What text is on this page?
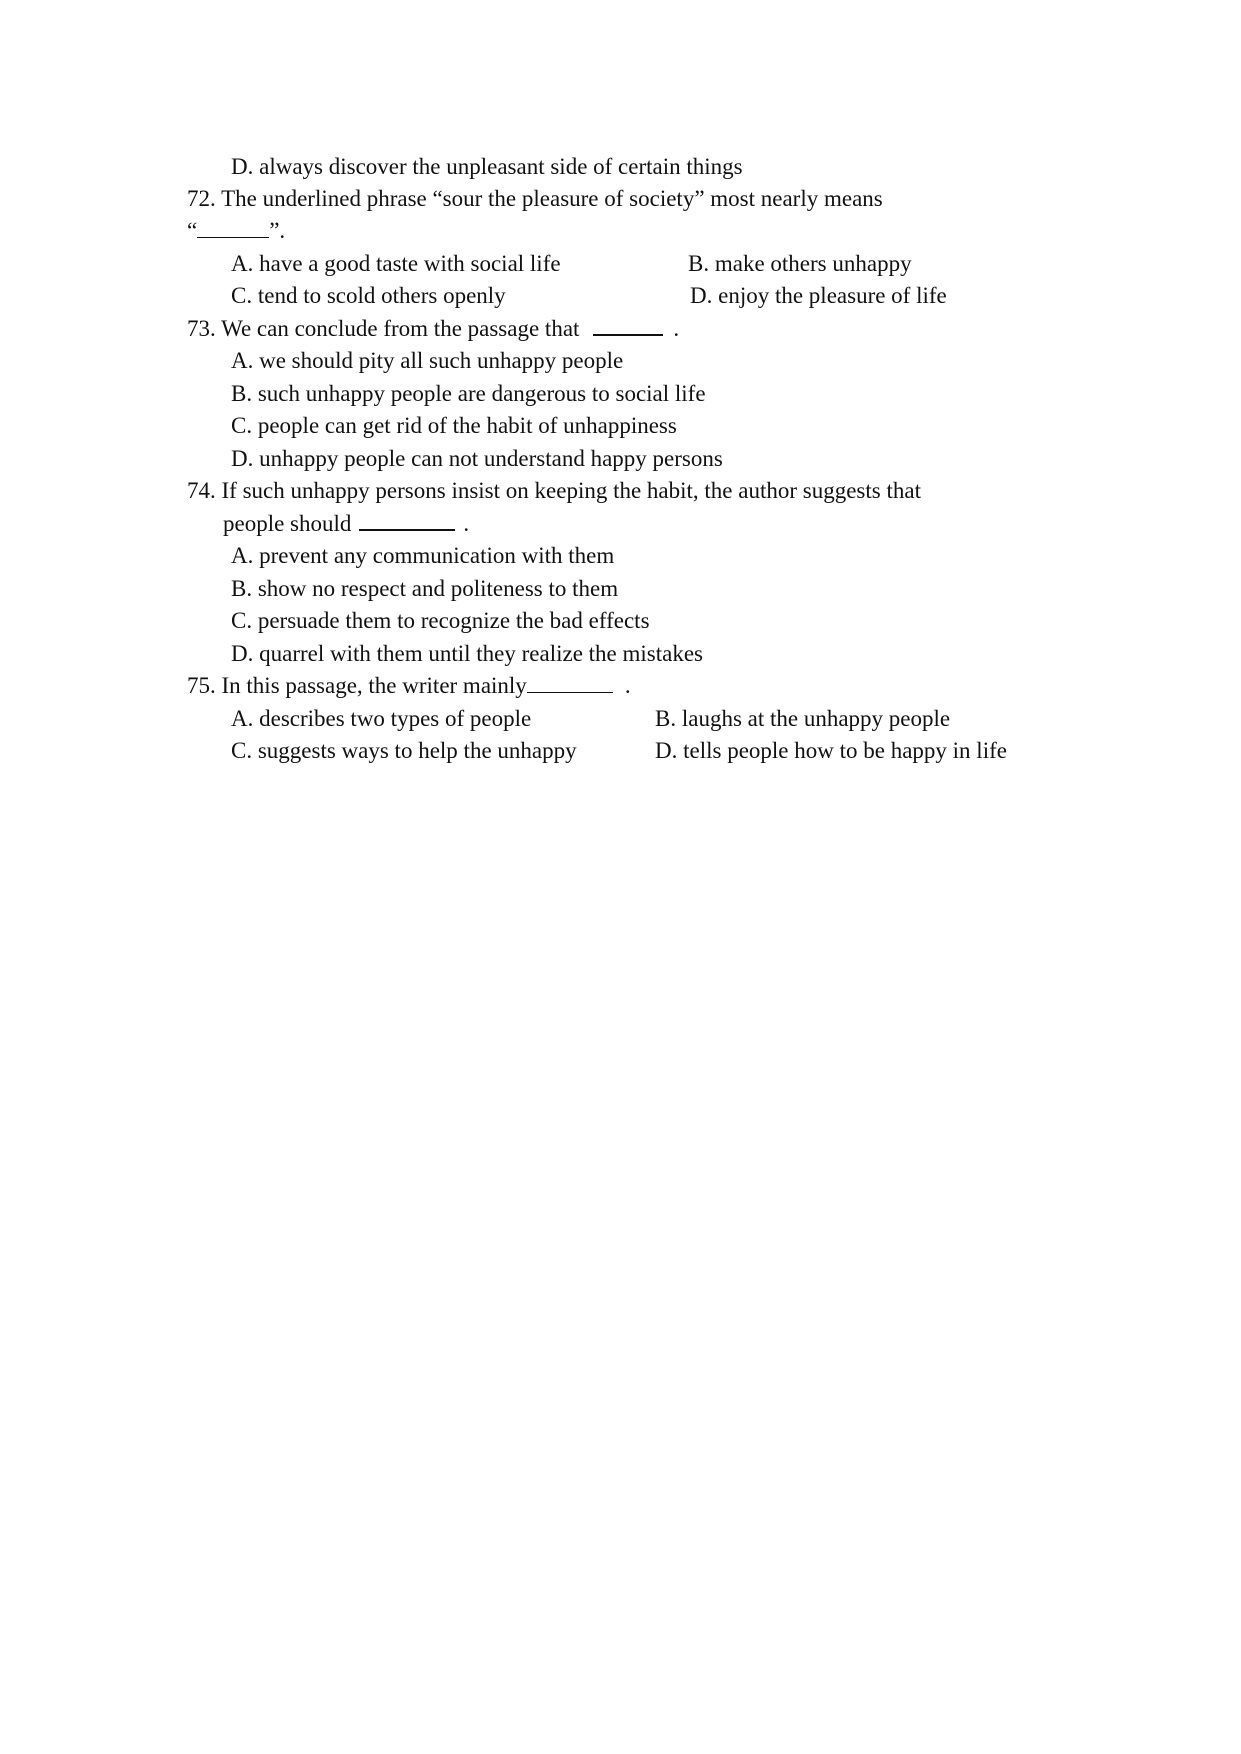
D. always discover the unpleasant side of certain things
72. The underlined phrase “sour the pleasure of society” most nearly means
“	”.
A. have a good taste with social life	B. make others unhappy
C. tend to scold others openly	D. enjoy the pleasure of life
73. We can conclude from the passage that	.
A. we should pity all such unhappy people
B. such unhappy people are dangerous to social life
C. people can get rid of the habit of unhappiness
D. unhappy people can not understand happy persons
74. If such unhappy persons insist on keeping the habit, the author suggests that
people should	.
A. prevent any communication with them
B. show no respect and politeness to them
C. persuade them to recognize the bad effects
D. quarrel with them until they realize the mistakes
75. In this passage, the writer mainly	.
A. describes two types of people	B. laughs at the unhappy people
C. suggests ways to help the unhappy	D. tells people how to be happy in life
